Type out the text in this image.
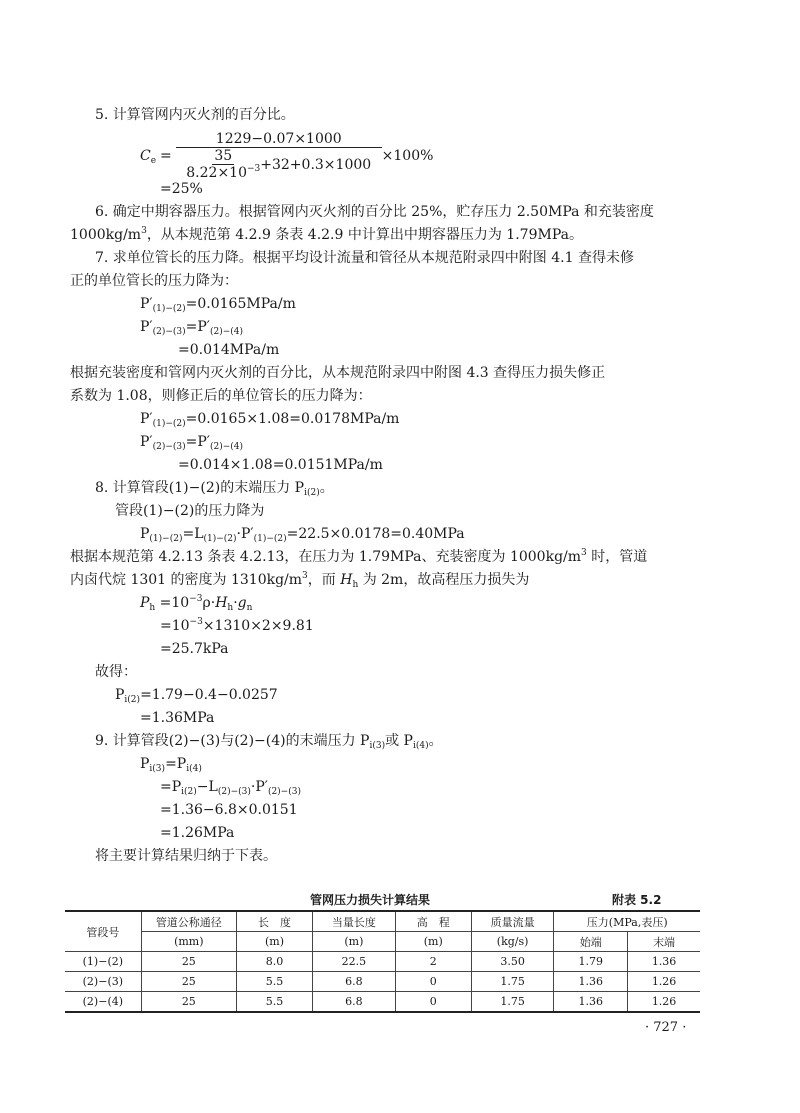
5. 计算管网内灭火剂的百分比。
$C_e = 1229-0.07\times 1000$
35
$8.22\times 10^{-3} +32+0.3\times 1000 \times 100\%$
=25%
6. 确定中期容器压力。根据管网内灭火剂的百分比 25%，贮存压力 2.50MPa 和充装密度
$1000kg/m^3$，从本规范第 4.2.9 条表 4.2.9 中计算出中期容器压力为 1.79MPa。
7. 求单位管长的压力降。根据平均设计流量和管径从本规范附录四中附图 4.1 查得未修
正的单位管长的压力降为：
$P'_{(1)-(2)}=0.0165MPa/m$
$P'_{(2)-(3)}=P'_{(2)-(4)}$
=0.014MPa/m
根据充装密度和管网内灭火剂的百分比，从本规范附录四中附图 4.3 查得压力损失修正
系数为 1.08，则修正后的单位管长的压力降为：
$P'_{(1)-(2)}=0.0165\times 1.08=0.0178MPa/m$
$P'_{(2)-(3)}=P'_{(2)-(4)}$
=0.014×1.08=0.0151MPa/m
8. 计算管段(1)−(2)的末端压力 $P_{i(2)}$。
管段(1)−(2)的压力降为
$P_{(1)-(2)}=L_{(1)-(2)}\cdot P'_{(1)-(2)}=22.5\times 0.0178=0.40MPa$
根据本规范第 4.2.13 条表 4.2.13，在压力为 1.79MPa、充装密度为 $1000kg/m^3$ 时，管道
内卤代烷 1301 的密度为 $1310kg/m^3$，而 $H_h$ 为 2m，故高程压力损失为
$P_h =10^{-3}\rho\cdot H_h\cdot g_n$
$=10^{-3}\times 1310\times 2\times 9.81$
=25.7kPa
故得：
$P_{i(2)}=1.79-0.4-0.0257$
=1.36MPa
9. 计算管段(2)−(3)与(2)−(4)的末端压力 $P_{i(3)}$或 $P_{i(4)}$。
$P_{i(3)}=P_{i(4)}$
$=P_{i(2)}-L_{(2)-(3)}\cdot P'_{(2)-(3)}$
=1.36−6.8×0.0151
=1.26MPa
将主要计算结果归纳于下表。
管网压力损失计算结果	附表 5.2
管段号	管道公称通径	长　度	当量长度	高　程	质量流量	压力(MPa,表压)	
	(mm)	(m)	(m)	(m)	(kg/s)	始端	末端
(1)−(2)	25	8.0	22.5	2	3.50	1.79	1.36
(2)−(3)	25	5.5	6.8	0	1.75	1.36	1.26
(2)−(4)	25	5.5	6.8	0	1.75	1.36	1.26
· 727 ·
